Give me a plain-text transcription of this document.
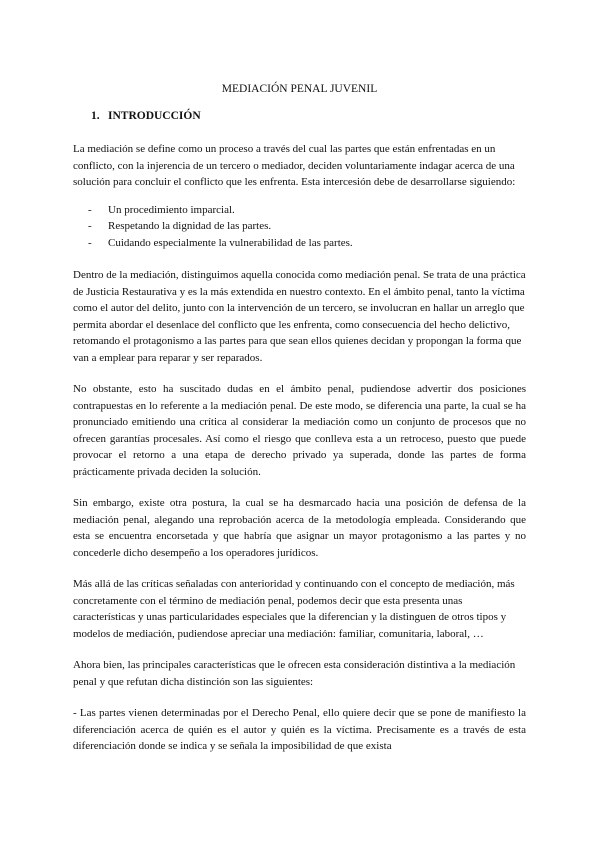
MEDIACIÓN PENAL JUVENIL

1. INTRODUCCIÓN

La mediación se define como un proceso a través del cual las partes que están enfrentadas en un conflicto, con la injerencia de un tercero o mediador, deciden voluntariamente indagar acerca de una solución para concluir el conflicto que les enfrenta. Esta intercesión debe de desarrollarse siguiendo:

-	Un procedimiento imparcial.
-	Respetando la dignidad de las partes.
-	Cuidando especialmente la vulnerabilidad de las partes.

Dentro de la mediación, distinguimos aquella conocida como mediación penal. Se trata de una práctica de Justicia Restaurativa y es la más extendida en nuestro contexto. En el ámbito penal, tanto la víctima como el autor del delito, junto con la intervención de un tercero, se involucran en hallar un arreglo que permita abordar el desenlace del conflicto que les enfrenta, como consecuencia del hecho delictivo, retomando el protagonismo a las partes para que sean ellos quienes decidan y propongan la forma que van a emplear para reparar y ser reparados.

No obstante, esto ha suscitado dudas en el ámbito penal, pudiendose advertir dos posiciones contrapuestas en lo referente a la mediación penal. De este modo, se diferencia una parte, la cual se ha pronunciado emitiendo una crítica al considerar la mediación como un conjunto de procesos que no ofrecen garantías procesales. Así como el riesgo que conlleva esta a un retroceso, puesto que puede provocar el retorno a una etapa de derecho privado ya superada, donde las partes de forma prácticamente privada deciden la solución.

Sin embargo, existe otra postura, la cual se ha desmarcado hacia una posición de defensa de la mediación penal, alegando una reprobación acerca de la metodología empleada. Considerando que esta se encuentra encorsetada y que habría que asignar un mayor protagonismo a las partes y no concederle dicho desempeño a los operadores jurídicos.

Más allá de las críticas señaladas con anterioridad y continuando con el concepto de mediación, más concretamente con el término de mediación penal, podemos decir que esta presenta unas características y unas particularidades especiales que la diferencian y la distinguen de otros tipos y modelos de mediación, pudiendose apreciar una mediación: familiar, comunitaria, laboral, …

Ahora bien, las principales características que le ofrecen esta consideración distintiva a la mediación penal y que refutan dicha distinción son las siguientes:

- Las partes vienen determinadas por el Derecho Penal, ello quiere decir que se pone de manifiesto la diferenciación acerca de quién es el autor y quién es la víctima. Precisamente es a través de esta diferenciación donde se indica y se señala la imposibilidad de que exista
